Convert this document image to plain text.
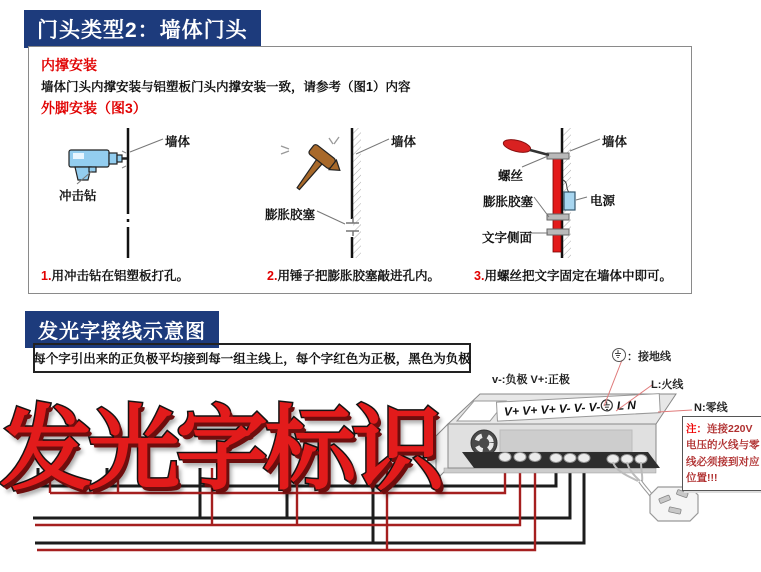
门头类型2：墙体门头
内撑安装
墙体门头内撑安装与铝塑板门头内撑安装一致，请参考（图1）内容
外脚安装（图3）
墙体
冲击钻
墙体
膨胀胶塞
墙体
螺丝
膨胀胶塞	电源
文字侧面
1.用冲击钻在铝塑板打孔。	2.用锤子把膨胀胶塞敲进孔内。	3.用螺丝把文字固定在墙体中即可。
发光字接线示意图
每个字引出来的正负极平均接到每一组主线上，每个字红色为正极，黑色为负极
发光字标识	V+ V+ V+ V- V- V- L N
v-:负极 V+:正极
：接地线
L:火线
N:零线
注：连接220V电压的火线与零线必须接到对应位置!!!
